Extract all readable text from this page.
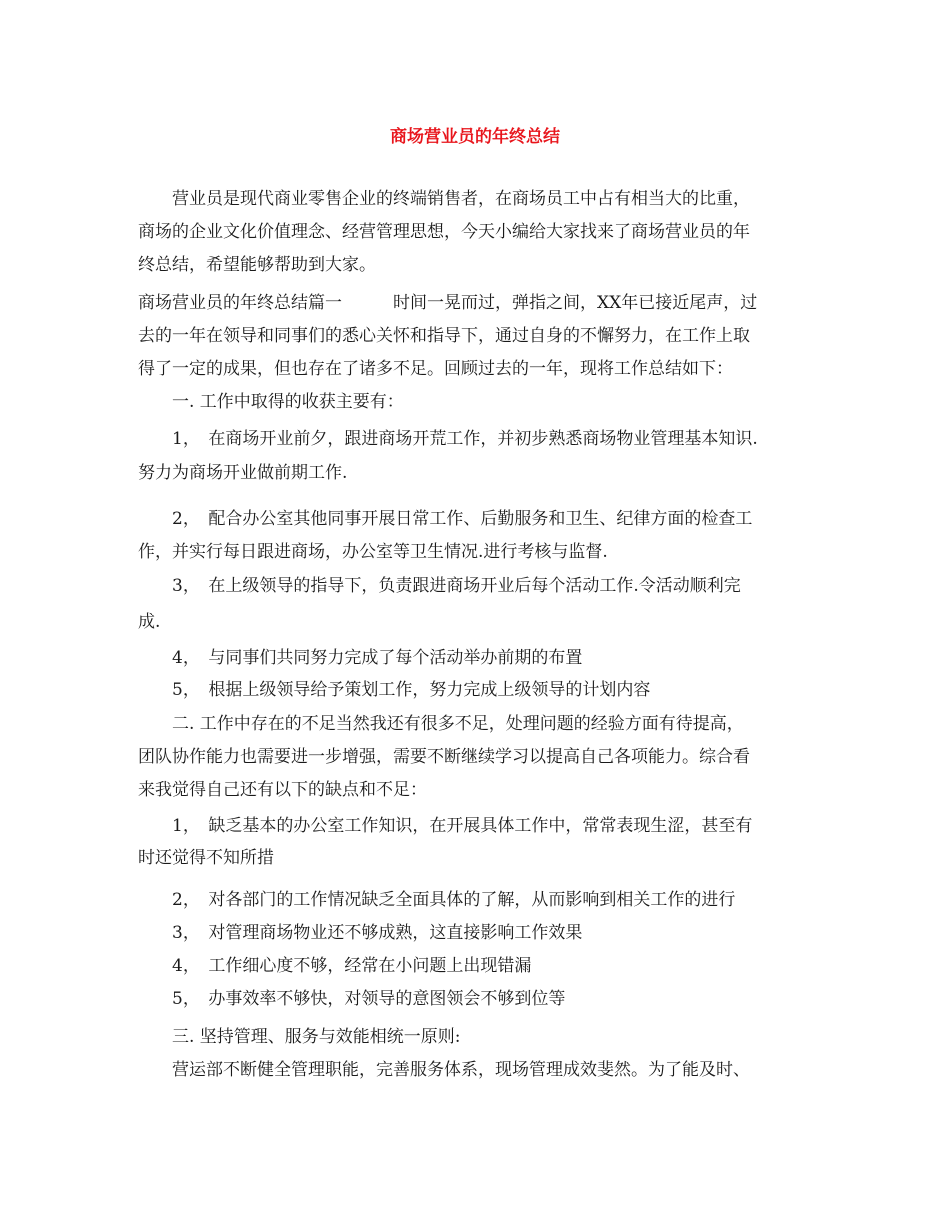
商场营业员的年终总结
营业员是现代商业零售企业的终端销售者，在商场员工中占有相当大的比重，
商场的企业文化价值理念、经营管理思想，今天小编给大家找来了商场营业员的年
终总结，希望能够帮助到大家。
商场营业员的年终总结篇一　　　时间一晃而过，弹指之间，XX年已接近尾声，过
去的一年在领导和同事们的悉心关怀和指导下，通过自身的不懈努力，在工作上取
得了一定的成果，但也存在了诸多不足。回顾过去的一年，现将工作总结如下：
一. 工作中取得的收获主要有：
1，　在商场开业前夕，跟进商场开荒工作，并初步熟悉商场物业管理基本知识.
努力为商场开业做前期工作.
2，　配合办公室其他同事开展日常工作、后勤服务和卫生、纪律方面的检查工
作，并实行每日跟进商场，办公室等卫生情况.进行考核与监督.
3，　在上级领导的指导下，负责跟进商场开业后每个活动工作.令活动顺利完
成.
4，　与同事们共同努力完成了每个活动举办前期的布置
5，　根据上级领导给予策划工作，努力完成上级领导的计划内容
二. 工作中存在的不足当然我还有很多不足，处理问题的经验方面有待提高，
团队协作能力也需要进一步增强，需要不断继续学习以提高自己各项能力。综合看
来我觉得自己还有以下的缺点和不足：
1，　缺乏基本的办公室工作知识，在开展具体工作中，常常表现生涩，甚至有
时还觉得不知所措
2，　对各部门的工作情况缺乏全面具体的了解，从而影响到相关工作的进行
3，　对管理商场物业还不够成熟，这直接影响工作效果
4，　工作细心度不够，经常在小问题上出现错漏
5，　办事效率不够快，对领导的意图领会不够到位等
三. 坚持管理、服务与效能相统一原则:
营运部不断健全管理职能，完善服务体系，现场管理成效斐然。为了能及时、
